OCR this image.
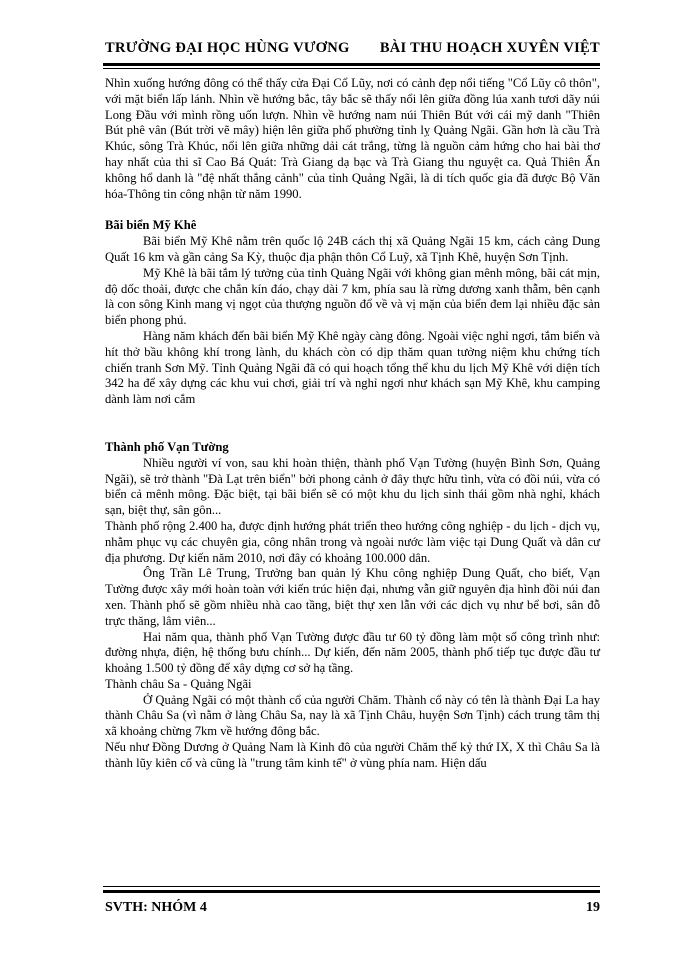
TRƯỜNG ĐẠI HỌC HÙNG VƯƠNG BÀI THU HOẠCH XUYÊN VIỆT

Nhìn xuống hướng đông có thể thấy cửa Đại Cổ Lũy, nơi có cảnh đẹp nổi tiếng "Cổ Lũy cô thôn", với mặt biển lấp lánh. Nhìn về hướng bắc, tây bắc sẽ thấy nổi lên giữa đồng lúa xanh tươi dãy núi Long Đầu với mình rồng uốn lượn. Nhìn về hướng nam núi Thiên Bút với cái mỹ danh "Thiên Bút phê vân (Bút trời vẽ mây) hiện lên giữa phố phường tỉnh lỵ Quảng Ngãi. Gần hơn là cầu Trà Khúc, sông Trà Khúc, nổi lên giữa những dải cát trắng, từng là nguồn cảm hứng cho hai bài thơ hay nhất của thi sĩ Cao Bá Quát: Trà Giang dạ bạc và Trà Giang thu nguyệt ca. Quả Thiên Ấn không hổ danh là "đệ nhất thắng cảnh" của tỉnh Quảng Ngãi, là di tích quốc gia đã được Bộ Văn hóa-Thông tin công nhận từ năm 1990.

Bãi biển Mỹ Khê

Bãi biển Mỹ Khê nằm trên quốc lộ 24B cách thị xã Quảng Ngãi 15 km, cách cảng Dung Quất 16 km và gần cảng Sa Kỳ, thuộc địa phận thôn Cổ Luỹ, xã Tịnh Khê, huyện Sơn Tịnh.

Mỹ Khê là bãi tắm lý tưởng của tỉnh Quảng Ngãi với không gian mênh mông, bãi cát mịn, độ dốc thoải, được che chắn kín đáo, chạy dài 7 km, phía sau là rừng dương xanh thẫm, bên cạnh là con sông Kinh mang vị ngọt của thượng nguồn đổ về và vị mặn của biển đem lại nhiều đặc sản biển phong phú.

Hàng năm khách đến bãi biển Mỹ Khê ngày càng đông. Ngoài việc nghỉ ngơi, tắm biển và hít thở bầu không khí trong lành, du khách còn có dịp thăm quan tưởng niệm khu chứng tích chiến tranh Sơn Mỹ. Tỉnh Quảng Ngãi đã có qui hoạch tổng thể khu du lịch Mỹ Khê với diện tích 342 ha để xây dựng các khu vui chơi, giải trí và nghỉ ngơi như khách sạn Mỹ Khê, khu camping dành làm nơi cắm

Thành phố Vạn Tường

Nhiều người ví von, sau khi hoàn thiện, thành phố Vạn Tường (huyện Bình Sơn, Quảng Ngãi), sẽ trở thành "Đà Lạt trên biển" bởi phong cảnh ở đây thực hữu tình, vừa có đồi núi, vừa có biển cả mênh mông. Đặc biệt, tại bãi biển sẽ có một khu du lịch sinh thái gồm nhà nghỉ, khách sạn, biệt thự, sân gôn...

Thành phố rộng 2.400 ha, được định hướng phát triển theo hướng công nghiệp - du lịch - dịch vụ, nhằm phục vụ các chuyên gia, công nhân trong và ngoài nước làm việc tại Dung Quất và dân cư địa phương. Dự kiến năm 2010, nơi đây có khoảng 100.000 dân.

Ông Trần Lê Trung, Trưởng ban quản lý Khu công nghiệp Dung Quất, cho biết, Vạn Tường được xây mới hoàn toàn với kiến trúc hiện đại, nhưng vẫn giữ nguyên địa hình đồi núi đan xen. Thành phố sẽ gồm nhiều nhà cao tầng, biệt thự xen lẫn với các dịch vụ như bể bơi, sân đỗ trực thăng, lâm viên...

Hai năm qua, thành phố Vạn Tường được đầu tư 60 tỷ đồng làm một số công trình như: đường nhựa, điện, hệ thống bưu chính... Dự kiến, đến năm 2005, thành phố tiếp tục được đầu tư khoảng 1.500 tỷ đồng để xây dựng cơ sở hạ tầng.

Thành châu Sa - Quảng Ngãi

Ở Quảng Ngãi có một thành cổ của người Chăm. Thành cổ này có tên là thành Đại La hay thành Châu Sa (vì nằm ở làng Châu Sa, nay là xã Tịnh Châu, huyện Sơn Tịnh) cách trung tâm thị xã khoảng chừng 7km về hướng đông bắc.

Nếu như Đồng Dương ở Quảng Nam là Kinh đô của người Chăm thế kỷ thứ IX, X thì Châu Sa là thành lũy kiên cố và cũng là "trung tâm kinh tế" ở vùng phía nam. Hiện dấu

SVTH: NHÓM 4	19
